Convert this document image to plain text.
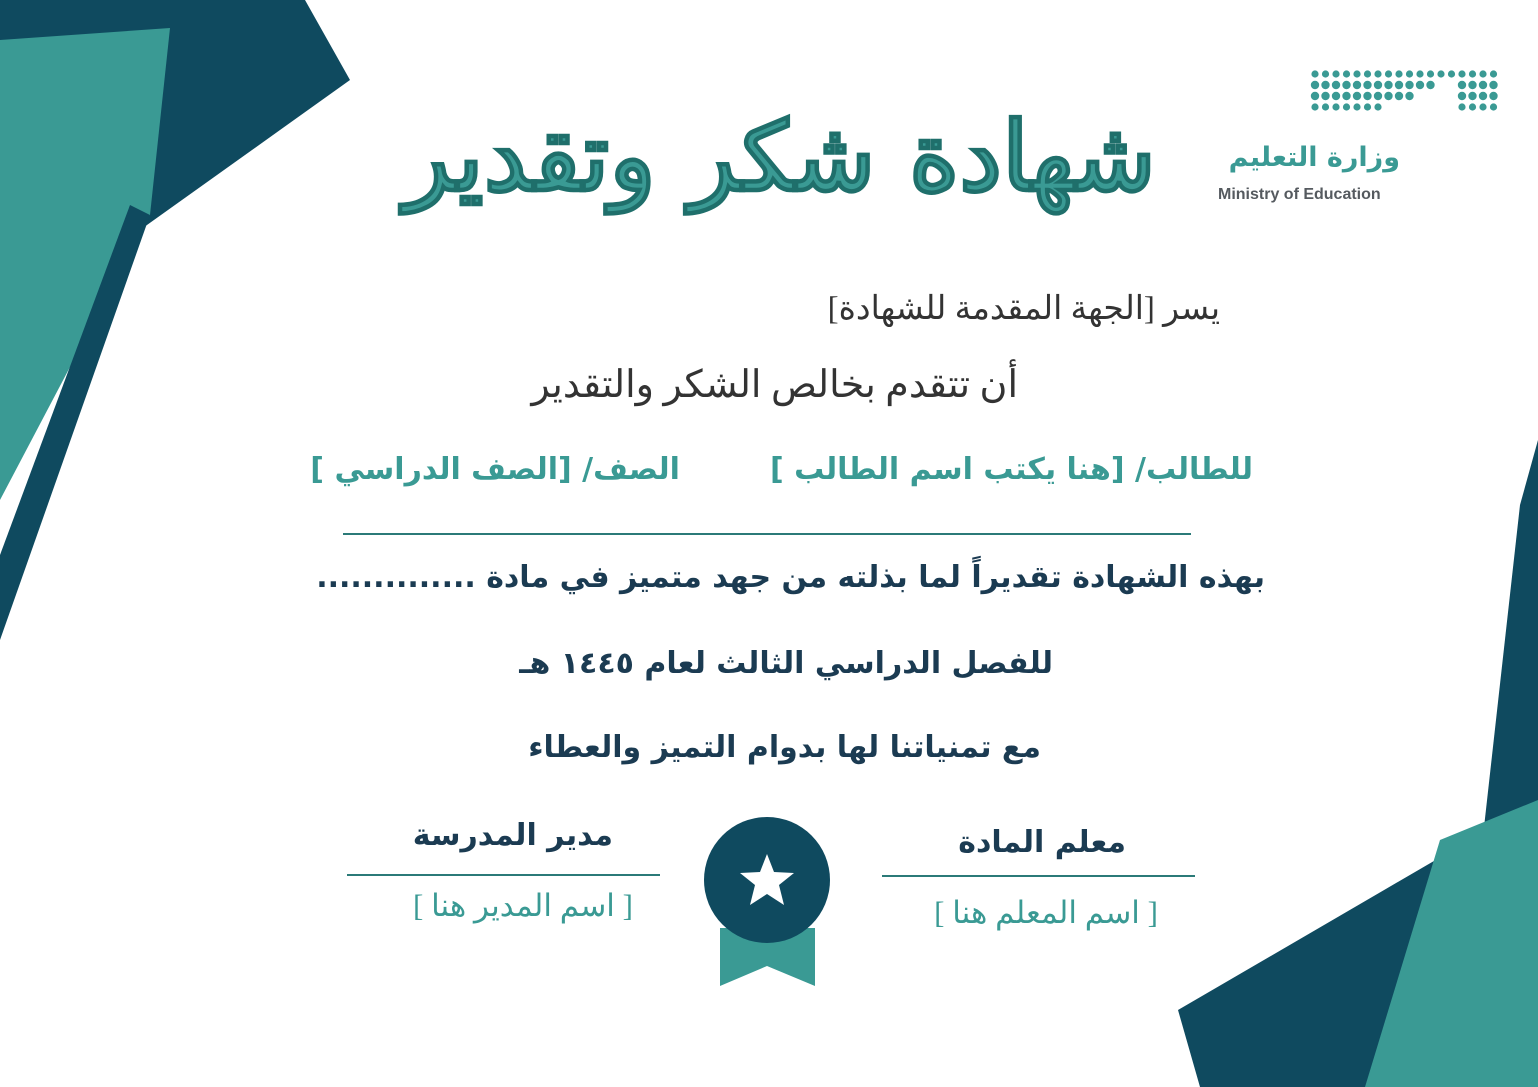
شهادة شكر وتقدير	وزارة التعليم
Ministry of Education
يسر [الجهة المقدمة للشهادة]
أن تتقدم بخالص الشكر والتقدير
للطالب/ [هنا يكتب اسم الطالب ]الصف/ [الصف الدراسي ]
بهذه الشهادة تقديراً لما بذلته من جهد متميز في مادة ..............
للفصل الدراسي الثالث لعام ١٤٤٥ هـ
مع تمنياتنا لها بدوام التميز والعطاء
مدير المدرسة
[ اسم المدير هنا ]
معلم المادة
[ اسم المعلم هنا ]
